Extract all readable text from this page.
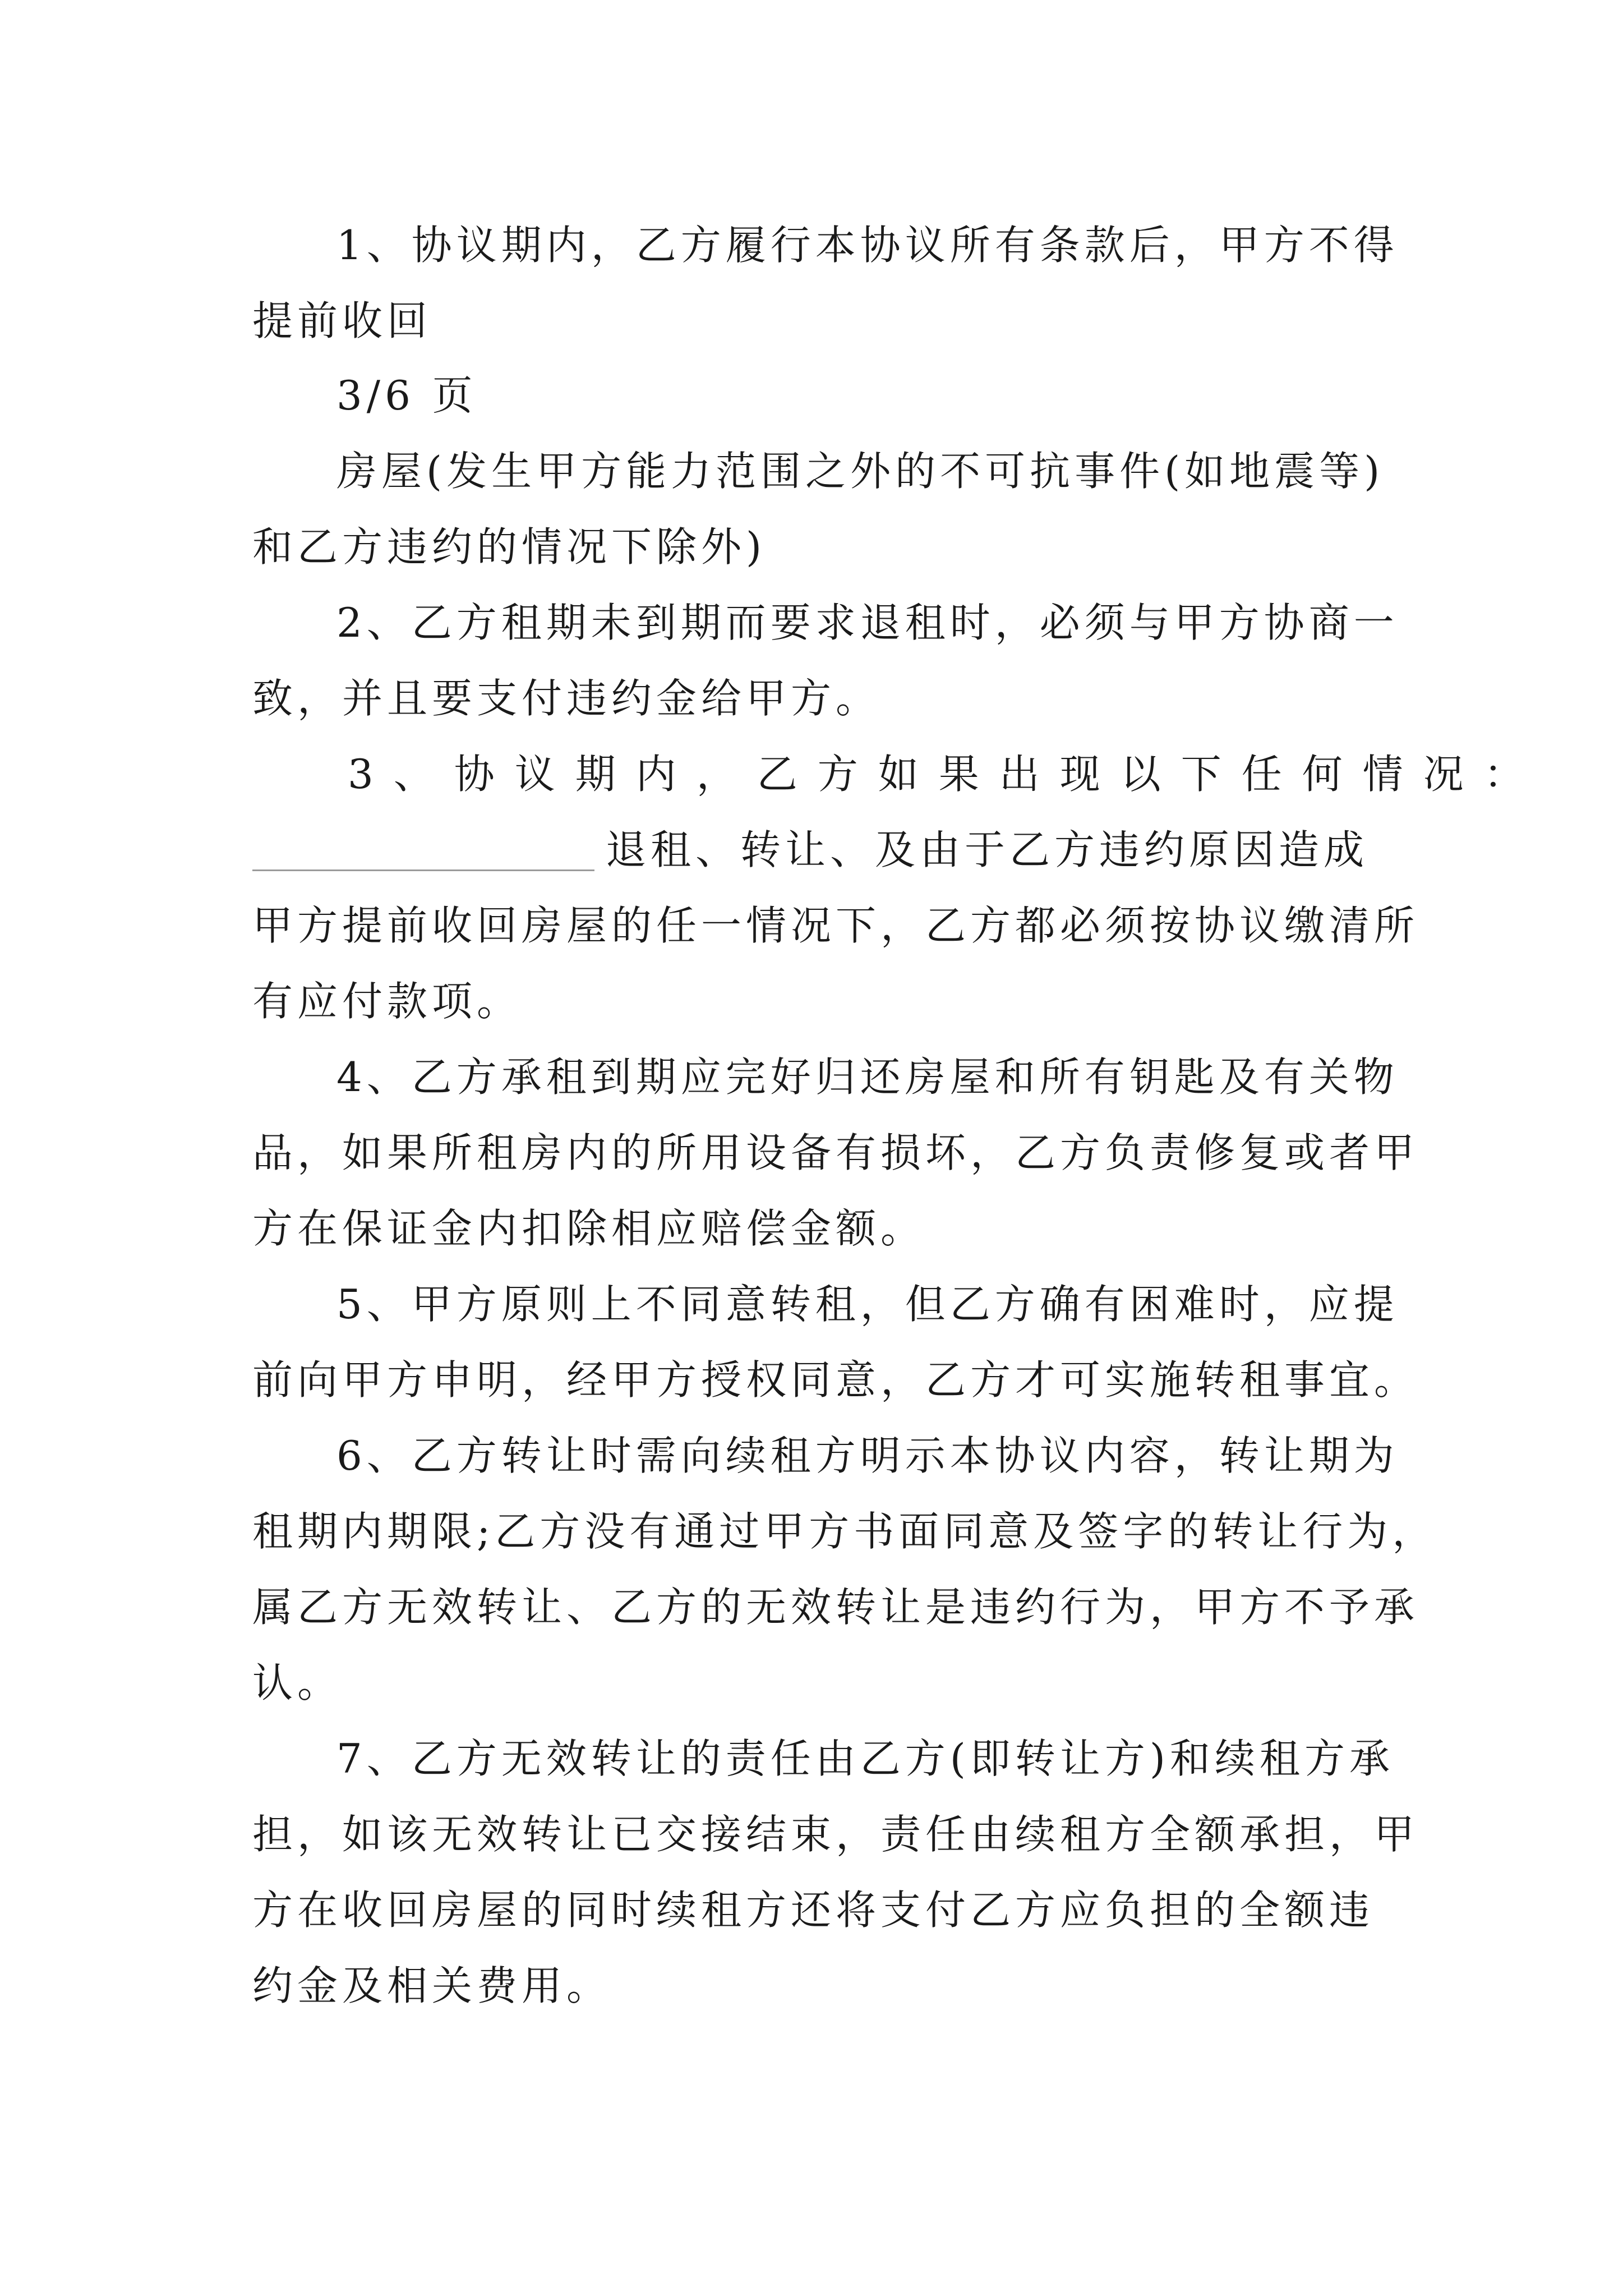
1、协议期内，乙方履行本协议所有条款后，甲方不得
提前收回
3/6 页
房屋(发生甲方能力范围之外的不可抗事件(如地震等)
和乙方违约的情况下除外)
2、乙方租期未到期而要求退租时，必须与甲方协商一
致，并且要支付违约金给甲方。
3、协议期内，乙方如果出现以下任何情况：
退租、转让、及由于乙方违约原因造成
甲方提前收回房屋的任一情况下，乙方都必须按协议缴清所
有应付款项。
4、乙方承租到期应完好归还房屋和所有钥匙及有关物
品，如果所租房内的所用设备有损坏，乙方负责修复或者甲
方在保证金内扣除相应赔偿金额。
5、甲方原则上不同意转租，但乙方确有困难时，应提
前向甲方申明，经甲方授权同意，乙方才可实施转租事宜。
6、乙方转让时需向续租方明示本协议内容，转让期为
租期内期限;乙方没有通过甲方书面同意及签字的转让行为，
属乙方无效转让、乙方的无效转让是违约行为，甲方不予承
认。
7、乙方无效转让的责任由乙方(即转让方)和续租方承
担，如该无效转让已交接结束，责任由续租方全额承担，甲
方在收回房屋的同时续租方还将支付乙方应负担的全额违
约金及相关费用。
